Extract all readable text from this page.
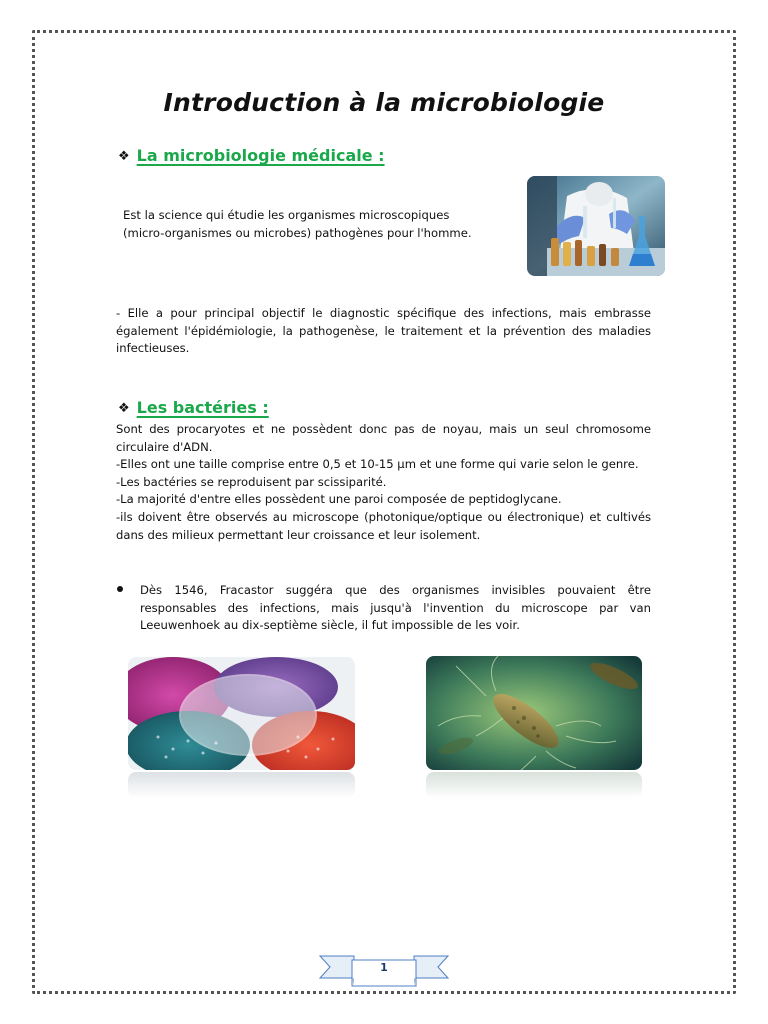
Introduction à la microbiologie
❖ La microbiologie médicale :
Est la science qui étudie les organismes microscopiques
(micro-organismes ou microbes) pathogènes pour l'homme.

- Elle a pour principal objectif le diagnostic spécifique des infections, mais embrasse également l'épidémiologie, la pathogenèse, le traitement et la prévention des maladies infectieuses.

❖ Les bactéries :
Sont des procaryotes et ne possèdent donc pas de noyau, mais un seul chromosome circulaire d'ADN.
-Elles ont une taille comprise entre 0,5 et 10-15 µm et une forme qui varie selon le genre.
-Les bactéries se reproduisent par scissiparité.
-La majorité d'entre elles possèdent une paroi composée de peptidoglycane.
-ils doivent être observés au microscope (photonique/optique ou électronique) et cultivés dans des milieux permettant leur croissance et leur isolement.

Dès 1546, Fracastor suggéra que des organismes invisibles pouvaient être responsables des infections, mais jusqu'à l'invention du microscope par van Leeuwenhoek au dix-septième siècle, il fut impossible de les voir.

1
